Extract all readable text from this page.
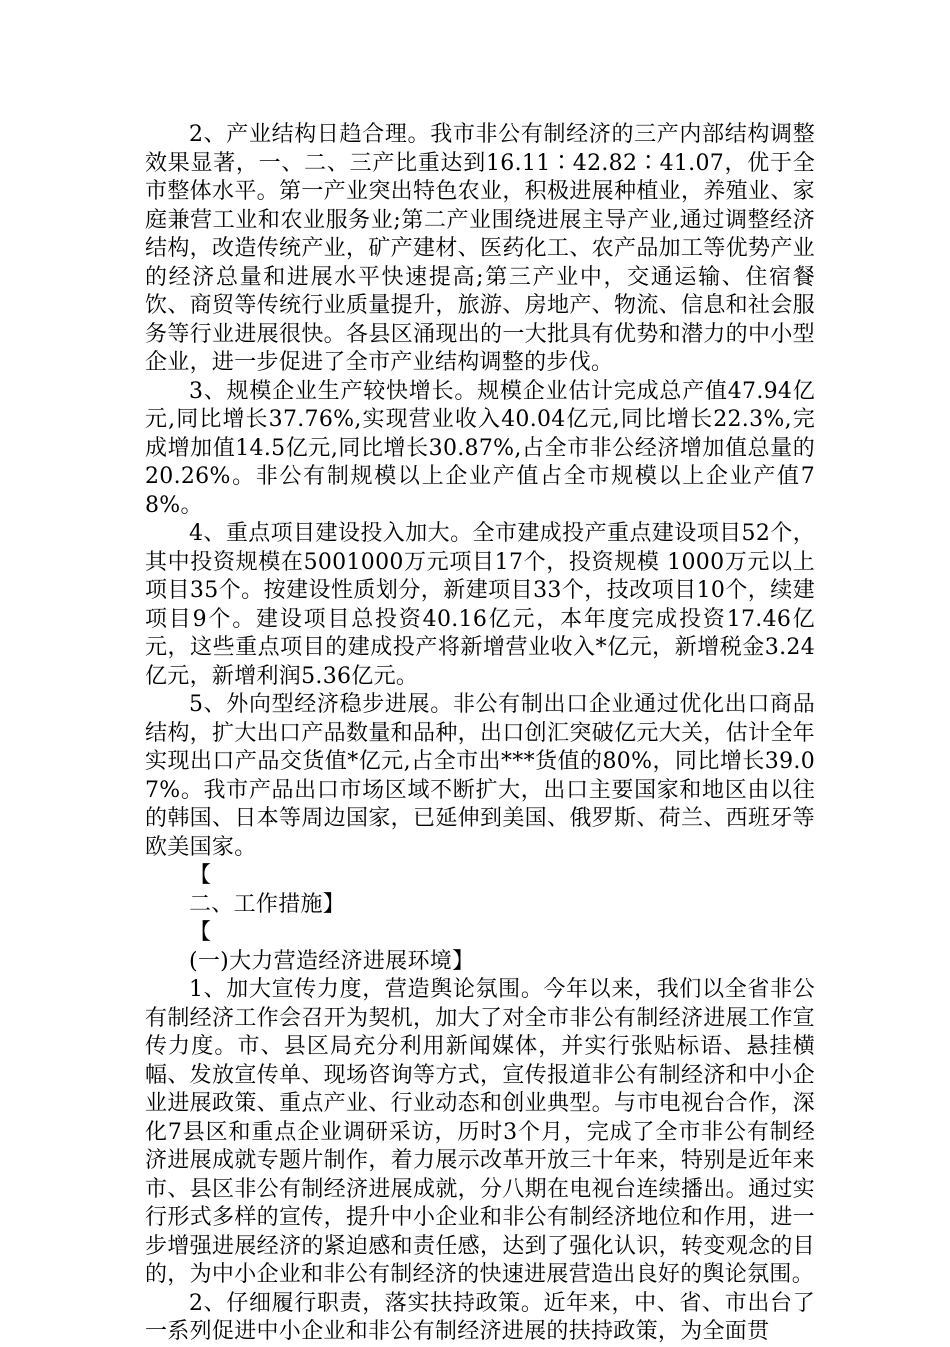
2、产业结构日趋合理。我市非公有制经济的三产内部结构调整效果显著，一、二、三产比重达到16.11∶42.82∶41.07，优于全市整体水平。第一产业突出特色农业，积极进展种植业，养殖业、家庭兼营工业和农业服务业;第二产业围绕进展主导产业,通过调整经济结构，改造传统产业，矿产建材、医药化工、农产品加工等优势产业的经济总量和进展水平快速提高;第三产业中，交通运输、住宿餐饮、商贸等传统行业质量提升，旅游、房地产、物流、信息和社会服务等行业进展很快。各县区涌现出的一大批具有优势和潜力的中小型企业，进一步促进了全市产业结构调整的步伐。

3、规模企业生产较快增长。规模企业估计完成总产值47.94亿元,同比增长37.76%,实现营业收入40.04亿元,同比增长22.3%,完成增加值14.5亿元,同比增长30.87%,占全市非公经济增加值总量的20.26%。非公有制规模以上企业产值占全市规模以上企业产值78%。

4、重点项目建设投入加大。全市建成投产重点建设项目52个，其中投资规模在5001000万元项目17个，投资规模 1000万元以上项目35个。按建设性质划分，新建项目33个，技改项目10个，续建项目9个。建设项目总投资40.16亿元，本年度完成投资17.46亿元，这些重点项目的建成投产将新增营业收入*亿元，新增税金3.24亿元，新增利润5.36亿元。

5、外向型经济稳步进展。非公有制出口企业通过优化出口商品结构，扩大出口产品数量和品种，出口创汇突破亿元大关，估计全年实现出口产品交货值*亿元,占全市出***货值的80%，同比增长39.07%。我市产品出口市场区域不断扩大，出口主要国家和地区由以往的韩国、日本等周边国家，已延伸到美国、俄罗斯、荷兰、西班牙等欧美国家。

【

二、工作措施】

【

(一)大力营造经济进展环境】

1、加大宣传力度，营造舆论氛围。今年以来，我们以全省非公有制经济工作会召开为契机，加大了对全市非公有制经济进展工作宣传力度。市、县区局充分利用新闻媒体，并实行张贴标语、悬挂横幅、发放宣传单、现场咨询等方式，宣传报道非公有制经济和中小企业进展政策、重点产业、行业动态和创业典型。与市电视台合作，深化7县区和重点企业调研采访，历时3个月，完成了全市非公有制经济进展成就专题片制作，着力展示改革开放三十年来，特别是近年来市、县区非公有制经济进展成就，分八期在电视台连续播出。通过实行形式多样的宣传，提升中小企业和非公有制经济地位和作用，进一步增强进展经济的紧迫感和责任感，达到了强化认识，转变观念的目的，为中小企业和非公有制经济的快速进展营造出良好的舆论氛围。

2、仔细履行职责，落实扶持政策。近年来，中、省、市出台了一系列促进中小企业和非公有制经济进展的扶持政策，为全面贯
